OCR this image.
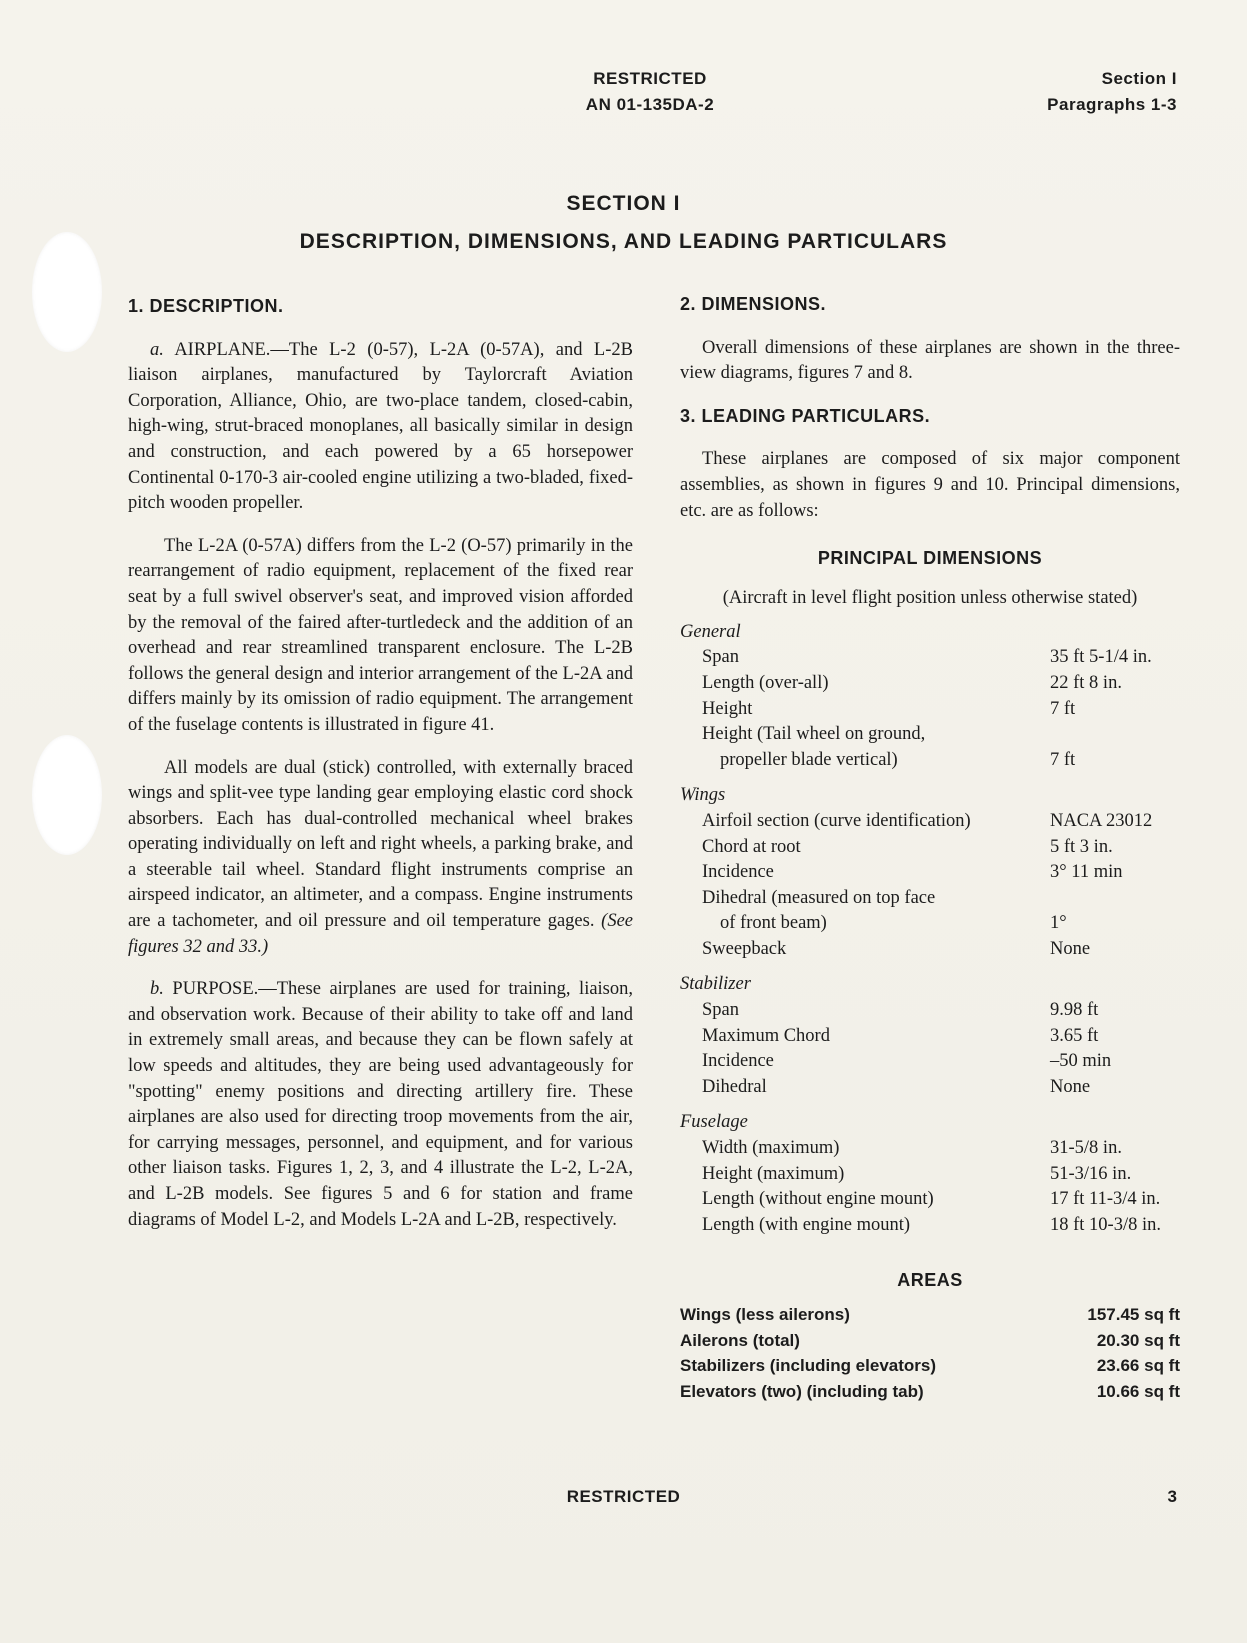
RESTRICTED
AN 01-135DA-2
Section I
Paragraphs 1-3
SECTION I
DESCRIPTION, DIMENSIONS, AND LEADING PARTICULARS
1. DESCRIPTION.

a. AIRPLANE.—The L-2 (0-57), L-2A (0-57A), and L-2B liaison airplanes, manufactured by Taylorcraft Aviation Corporation, Alliance, Ohio, are two-place tandem, closed-cabin, high-wing, strut-braced monoplanes, all basically similar in design and construction, and each powered by a 65 horsepower Continental 0-170-3 air-cooled engine utilizing a two-bladed, fixed-pitch wooden propeller.

The L-2A (0-57A) differs from the L-2 (O-57) primarily in the rearrangement of radio equipment, replacement of the fixed rear seat by a full swivel observer's seat, and improved vision afforded by the removal of the faired after-turtledeck and the addition of an overhead and rear streamlined transparent enclosure. The L-2B follows the general design and interior arrangement of the L-2A and differs mainly by its omission of radio equipment. The arrangement of the fuselage contents is illustrated in figure 41.

All models are dual (stick) controlled, with externally braced wings and split-vee type landing gear employing elastic cord shock absorbers. Each has dual-controlled mechanical wheel brakes operating individually on left and right wheels, a parking brake, and a steerable tail wheel. Standard flight instruments comprise an airspeed indicator, an altimeter, and a compass. Engine instruments are a tachometer, and oil pressure and oil temperature gages. (See figures 32 and 33.)

b. PURPOSE.—These airplanes are used for training, liaison, and observation work. Because of their ability to take off and land in extremely small areas, and because they can be flown safely at low speeds and altitudes, they are being used advantageously for "spotting" enemy positions and directing artillery fire. These airplanes are also used for directing troop movements from the air, for carrying messages, personnel, and equipment, and for various other liaison tasks. Figures 1, 2, 3, and 4 illustrate the L-2, L-2A, and L-2B models. See figures 5 and 6 for station and frame diagrams of Model L-2, and Models L-2A and L-2B, respectively.

2. DIMENSIONS.

Overall dimensions of these airplanes are shown in the three-view diagrams, figures 7 and 8.

3. LEADING PARTICULARS.

These airplanes are composed of six major component assemblies, as shown in figures 9 and 10. Principal dimensions, etc. are as follows:

PRINCIPAL DIMENSIONS
(Aircraft in level flight position unless otherwise stated)
General
Span	35 ft 5-1/4 in.
Length (over-all)	22 ft 8 in.
Height	7 ft
Height (Tail wheel on ground,
propeller blade vertical)	7 ft
Wings
Airfoil section (curve identification)	NACA 23012
Chord at root	5 ft 3 in.
Incidence	3° 11 min
Dihedral (measured on top face
of front beam)	1°
Sweepback	None
Stabilizer
Span	9.98 ft
Maximum Chord	3.65 ft
Incidence	–50 min
Dihedral	None
Fuselage
Width (maximum)	31-5/8 in.
Height (maximum)	51-3/16 in.
Length (without engine mount)	17 ft 11-3/4 in.
Length (with engine mount)	18 ft 10-3/8 in.
AREAS
Wings (less ailerons)	157.45 sq ft
Ailerons (total)	20.30 sq ft
Stabilizers (including elevators)	23.66 sq ft
Elevators (two) (including tab)	10.66 sq ft
RESTRICTED	3
